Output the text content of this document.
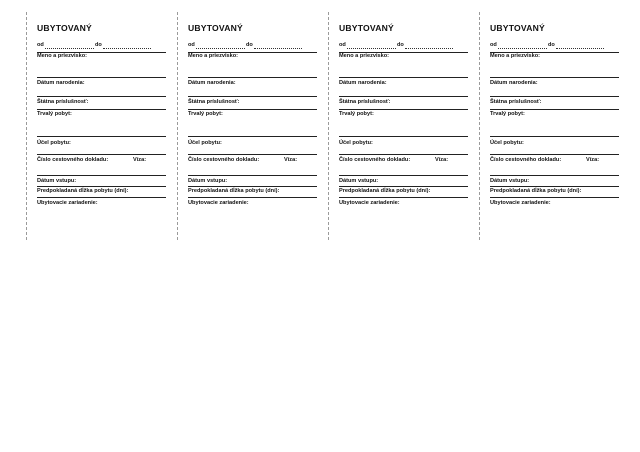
UBYTOVANÝ
od	do
Meno a priezvisko:
Dátum narodenia:
Štátna príslušnosť:
Trvalý pobyt:
Účel pobytu:
Číslo cestovného dokladu:	Víza:
Dátum vstupu:
Predpokladaná dĺžka pobytu (dní):
Ubytovacie zariadenie:
UBYTOVANÝ
od	do
Meno a priezvisko:
Dátum narodenia:
Štátna príslušnosť:
Trvalý pobyt:
Účel pobytu:
Číslo cestovného dokladu:	Víza:
Dátum vstupu:
Predpokladaná dĺžka pobytu (dní):
Ubytovacie zariadenie:
UBYTOVANÝ
od	do
Meno a priezvisko:
Dátum narodenia:
Štátna príslušnosť:
Trvalý pobyt:
Účel pobytu:
Číslo cestovného dokladu:	Víza:
Dátum vstupu:
Predpokladaná dĺžka pobytu (dní):
Ubytovacie zariadenie:
UBYTOVANÝ
od	do
Meno a priezvisko:
Dátum narodenia:
Štátna príslušnosť:
Trvalý pobyt:
Účel pobytu:
Číslo cestovného dokladu:	Víza:
Dátum vstupu:
Predpokladaná dĺžka pobytu (dní):
Ubytovacie zariadenie:
